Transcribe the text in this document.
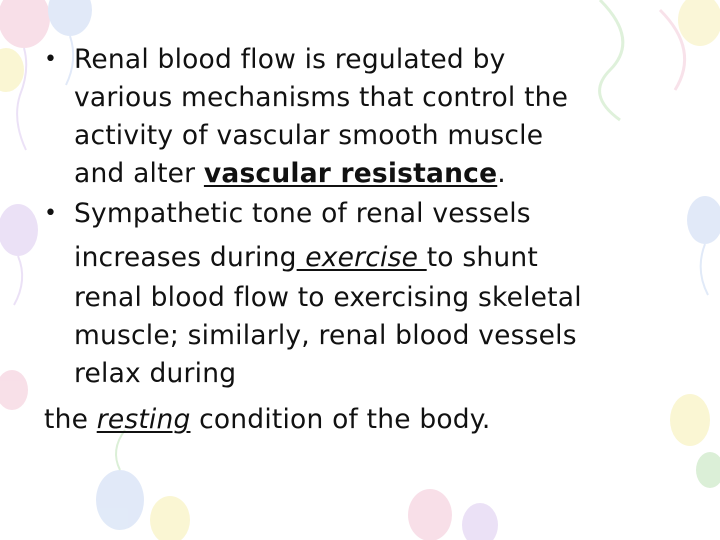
• Renal blood flow is regulated by
various mechanisms that control the
activity of vascular smooth muscle
and alter vascular resistance.
• Sympathetic tone of renal vessels
increases during exercise to shunt
renal blood flow to exercising skeletal
muscle; similarly, renal blood vessels
relax during
the resting condition of the body.
